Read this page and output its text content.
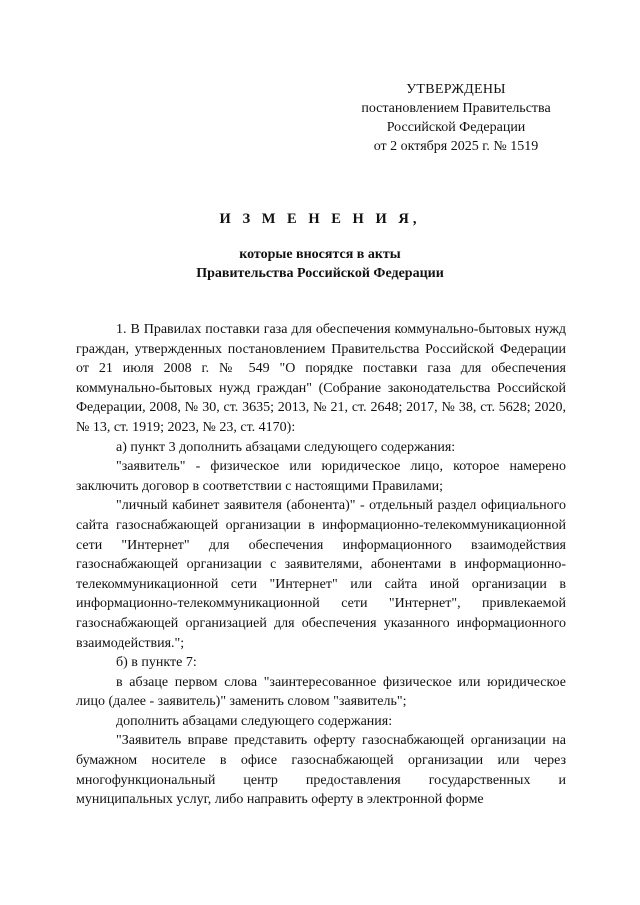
УТВЕРЖДЕНЫ
постановлением Правительства
Российской Федерации
от 2 октября 2025 г. № 1519
И З М Е Н Е Н И Я,
которые вносятся в акты
Правительства Российской Федерации

1. В Правилах поставки газа для обеспечения коммунально-бытовых нужд граждан, утвержденных постановлением Правительства Российской Федерации от 21 июля 2008 г. № 549 "О порядке поставки газа для обеспечения коммунально-бытовых нужд граждан" (Собрание законодательства Российской Федерации, 2008, № 30, ст. 3635; 2013, № 21, ст. 2648; 2017, № 38, ст. 5628; 2020, № 13, ст. 1919; 2023, № 23, ст. 4170):

а) пункт 3 дополнить абзацами следующего содержания:

"заявитель" - физическое или юридическое лицо, которое намерено заключить договор в соответствии с настоящими Правилами;

"личный кабинет заявителя (абонента)" - отдельный раздел официального сайта газоснабжающей организации в информационно-телекоммуникационной сети "Интернет" для обеспечения информационного взаимодействия газоснабжающей организации с заявителями, абонентами в информационно-телекоммуникационной сети "Интернет" или сайта иной организации в информационно-телекоммуникационной сети "Интернет", привлекаемой газоснабжающей организацией для обеспечения указанного информационного взаимодействия.";

б) в пункте 7:

в абзаце первом слова "заинтересованное физическое или юридическое лицо (далее - заявитель)" заменить словом "заявитель";

дополнить абзацами следующего содержания:

"Заявитель вправе представить оферту газоснабжающей организации на бумажном носителе в офисе газоснабжающей организации или через многофункциональный центр предоставления государственных и муниципальных услуг, либо направить оферту в электронной форме
